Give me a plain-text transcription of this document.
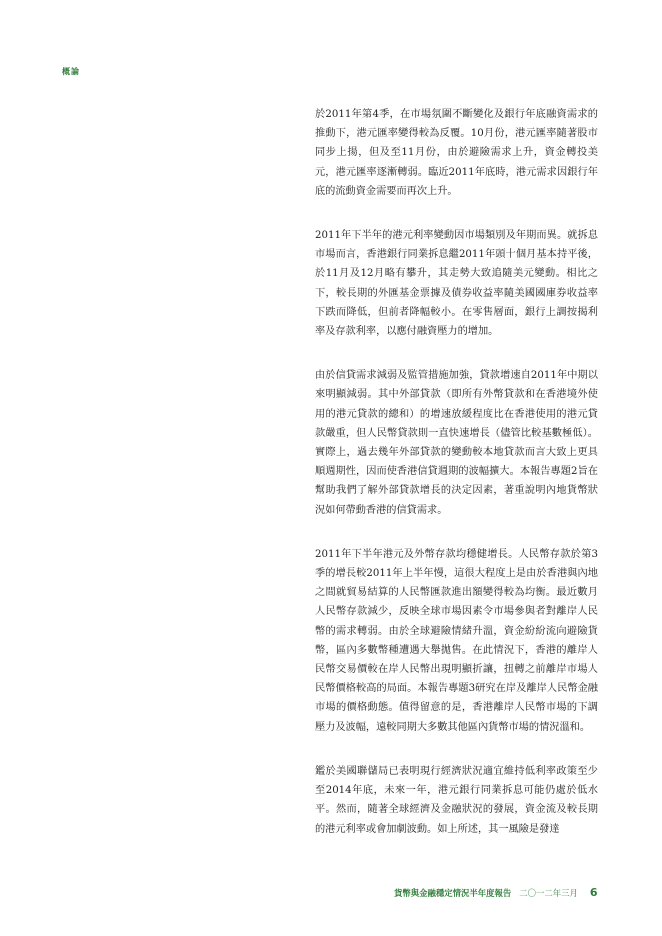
概論

於2011年第4季，在市場氛圍不斷變化及銀行年底融資需求的推動下，港元匯率變得較為反覆。10月份，港元匯率隨著股市同步上揚，但及至11月份，由於避險需求上升，資金轉投美元，港元匯率逐漸轉弱。臨近2011年底時，港元需求因銀行年底的流動資金需要而再次上升。

2011年下半年的港元利率變動因市場類別及年期而異。就拆息市場而言，香港銀行同業拆息繼2011年頭十個月基本持平後，於11月及12月略有攀升，其走勢大致追隨美元變動。相比之下，較長期的外匯基金票據及債券收益率隨美國國庫券收益率下跌而降低，但前者降幅較小。在零售層面，銀行上調按揭利率及存款利率，以應付融資壓力的增加。

由於信貸需求減弱及監管措施加強，貸款增速自2011年中期以來明顯減弱。其中外部貸款（即所有外幣貸款和在香港境外使用的港元貸款的總和）的增速放緩程度比在香港使用的港元貸款嚴重，但人民幣貸款則一直快速增長（儘管比較基數極低）。實際上，過去幾年外部貸款的變動較本地貸款而言大致上更具順週期性，因而使香港信貸週期的波幅擴大。本報告專題2旨在幫助我們了解外部貸款增長的決定因素，著重說明內地貨幣狀況如何帶動香港的信貸需求。

2011年下半年港元及外幣存款均穩健增長。人民幣存款於第3季的增長較2011年上半年慢，這很大程度上是由於香港與內地之間就貿易結算的人民幣匯款進出額變得較為均衡。最近數月人民幣存款減少，反映全球市場因素令市場參與者對離岸人民幣的需求轉弱。由於全球避險情緒升溫，資金紛紛流向避險貨幣，區內多數幣種遭遇大舉拋售。在此情況下，香港的離岸人民幣交易價較在岸人民幣出現明顯折讓，扭轉之前離岸市場人民幣價格較高的局面。本報告專題3研究在岸及離岸人民幣金融市場的價格動態。值得留意的是，香港離岸人民幣市場的下調壓力及波幅，遠較同期大多數其他區內貨幣市場的情況溫和。

鑑於美國聯儲局已表明現行經濟狀況適宜維持低利率政策至少至2014年底，未來一年，港元銀行同業拆息可能仍處於低水平。然而，隨著全球經濟及金融狀況的發展，資金流及較長期的港元利率或會加劇波動。如上所述，其一風險是發達

貨幣與金融穩定情況半年度報告 二〇一二年三月 6
